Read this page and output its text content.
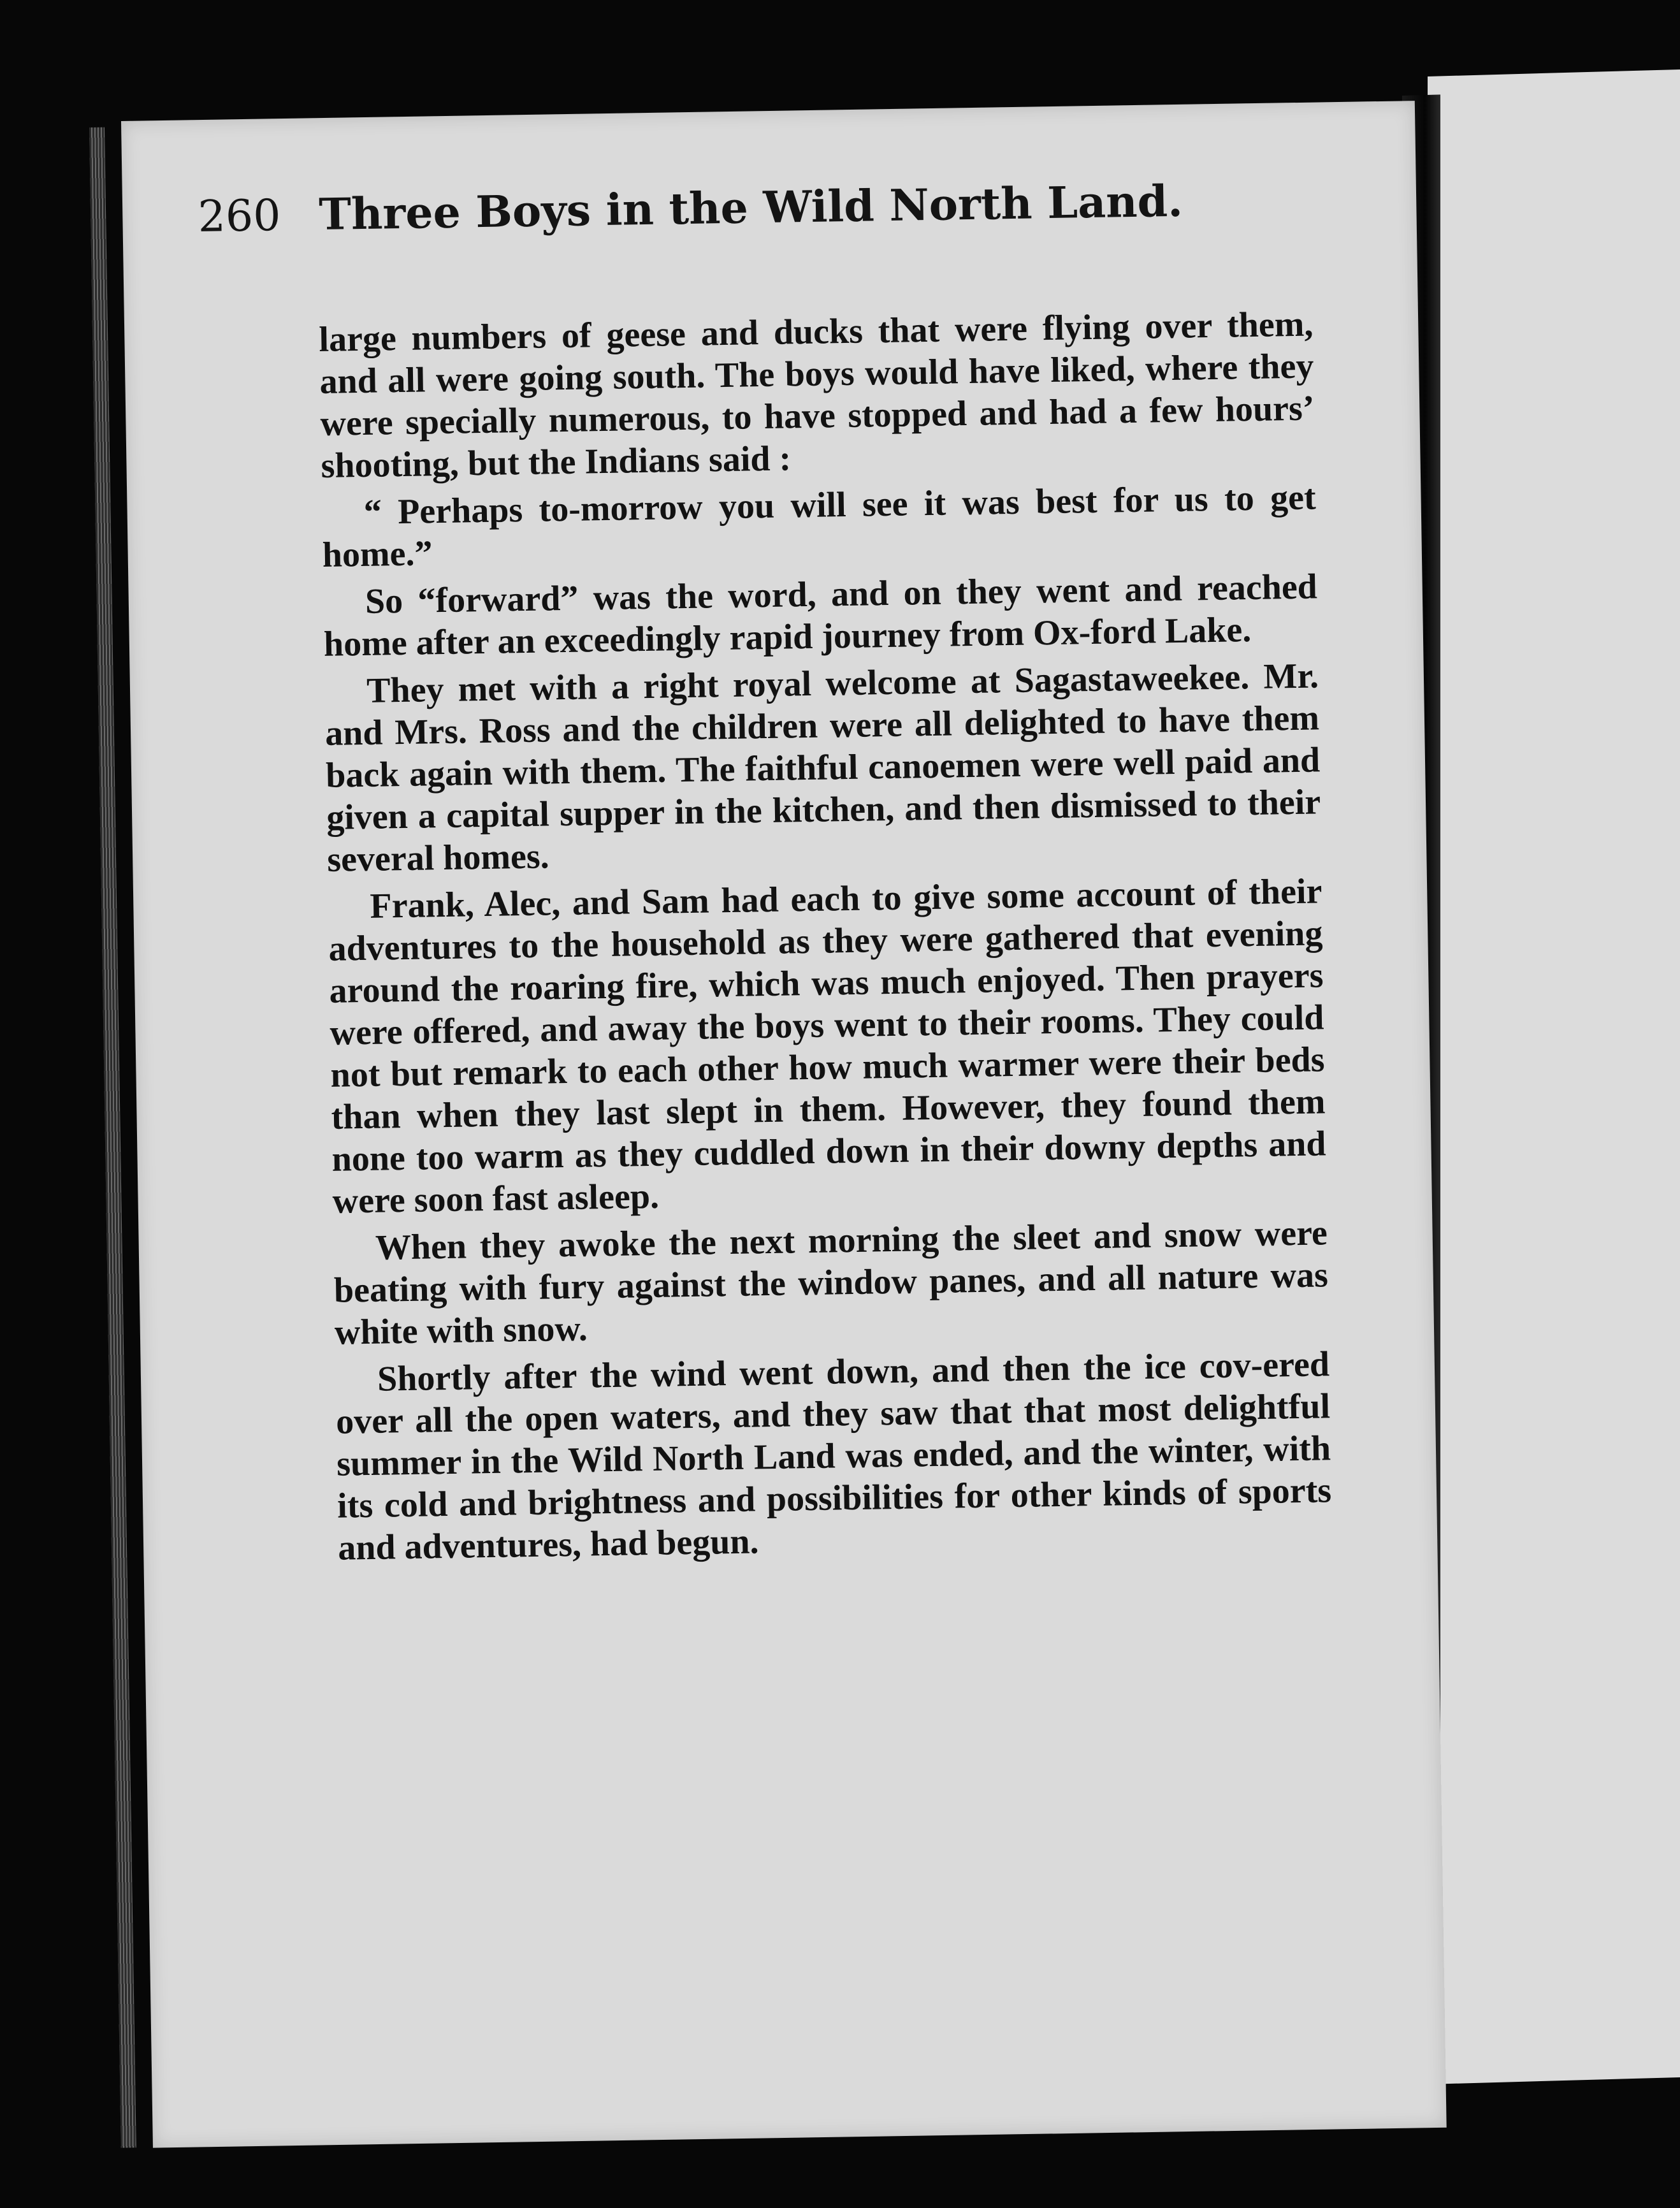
260 Three Boys in the Wild North Land.

large numbers of geese and ducks that were flying over them, and all were going south. The boys would have liked, where they were specially numerous, to have stopped and had a few hours’ shooting, but the Indians said :

“ Perhaps to-morrow you will see it was best for us to get home.”

So “forward” was the word, and on they went and reached home after an exceedingly rapid journey from Ox-ford Lake.

They met with a right royal welcome at Sagastaweekee. Mr. and Mrs. Ross and the children were all delighted to have them back again with them. The faithful canoemen were well paid and given a capital supper in the kitchen, and then dismissed to their several homes.

Frank, Alec, and Sam had each to give some account of their adventures to the household as they were gathered that evening around the roaring fire, which was much enjoyed. Then prayers were offered, and away the boys went to their rooms. They could not but remark to each other how much warmer were their beds than when they last slept in them. However, they found them none too warm as they cuddled down in their downy depths and were soon fast asleep.

When they awoke the next morning the sleet and snow were beating with fury against the window panes, and all nature was white with snow.

Shortly after the wind went down, and then the ice cov-ered over all the open waters, and they saw that that most delightful summer in the Wild North Land was ended, and the winter, with its cold and brightness and possibilities for other kinds of sports and adventures, had begun.
